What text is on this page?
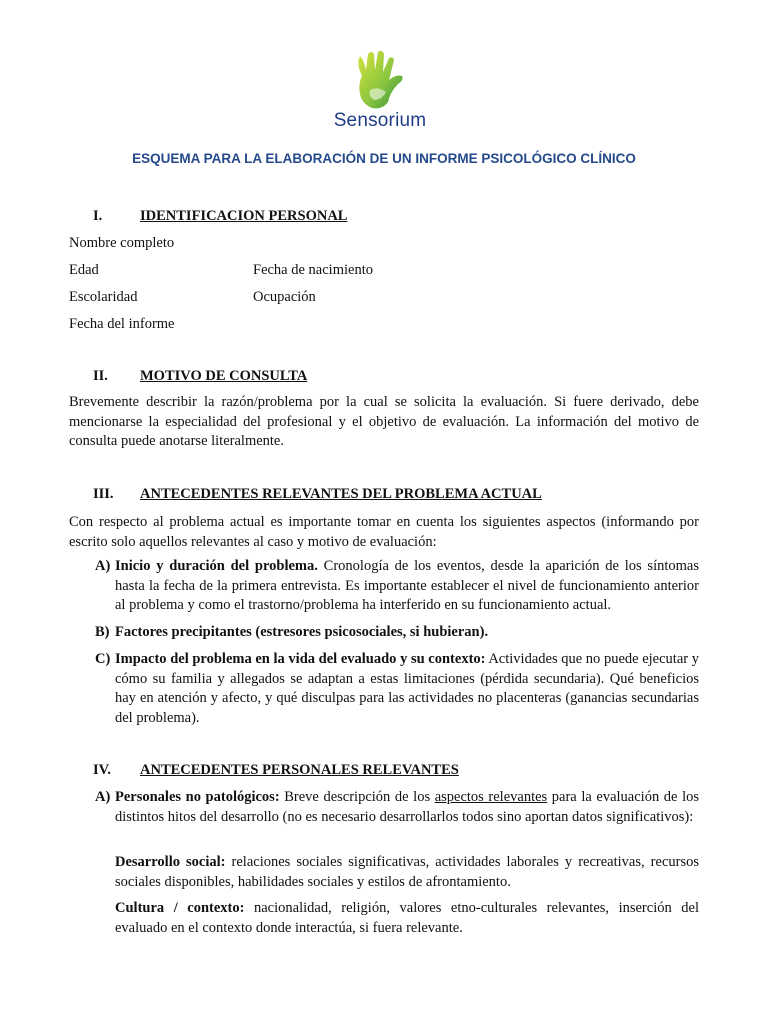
Sensorium
ESQUEMA PARA LA ELABORACIÓN DE UN INFORME PSICOLÓGICO CLÍNICO
I.	IDENTIFICACION PERSONAL
Nombre completo
Edad	Fecha de nacimiento
Escolaridad	Ocupación
Fecha del informe
II. MOTIVO DE CONSULTA
Brevemente describir la razón/problema por la cual se solicita la evaluación. Si fuere derivado, debe mencionarse la especialidad del profesional y el objetivo de evaluación. La información del motivo de consulta puede anotarse literalmente.
III. ANTECEDENTES RELEVANTES DEL PROBLEMA ACTUAL
Con respecto al problema actual es importante tomar en cuenta los siguientes aspectos (informando por escrito solo aquellos relevantes al caso y motivo de evaluación:
A) Inicio y duración del problema. Cronología de los eventos, desde la aparición de los síntomas hasta la fecha de la primera entrevista. Es importante establecer el nivel de funcionamiento anterior al problema y como el trastorno/problema ha interferido en su funcionamiento actual.
B) Factores precipitantes (estresores psicosociales, si hubieran).
C) Impacto del problema en la vida del evaluado y su contexto: Actividades que no puede ejecutar y cómo su familia y allegados se adaptan a estas limitaciones (pérdida secundaria). Qué beneficios hay en atención y afecto, y qué disculpas para las actividades no placenteras (ganancias secundarias del problema).
IV. ANTECEDENTES PERSONALES RELEVANTES
A) Personales no patológicos: Breve descripción de los aspectos relevantes para la evaluación de los distintos hitos del desarrollo (no es necesario desarrollarlos todos sino aportan datos significativos):
Desarrollo social: relaciones sociales significativas, actividades laborales y recreativas, recursos sociales disponibles, habilidades sociales y estilos de afrontamiento.
Cultura / contexto: nacionalidad, religión, valores etno-culturales relevantes, inserción del evaluado en el contexto donde interactúa, si fuera relevante.
